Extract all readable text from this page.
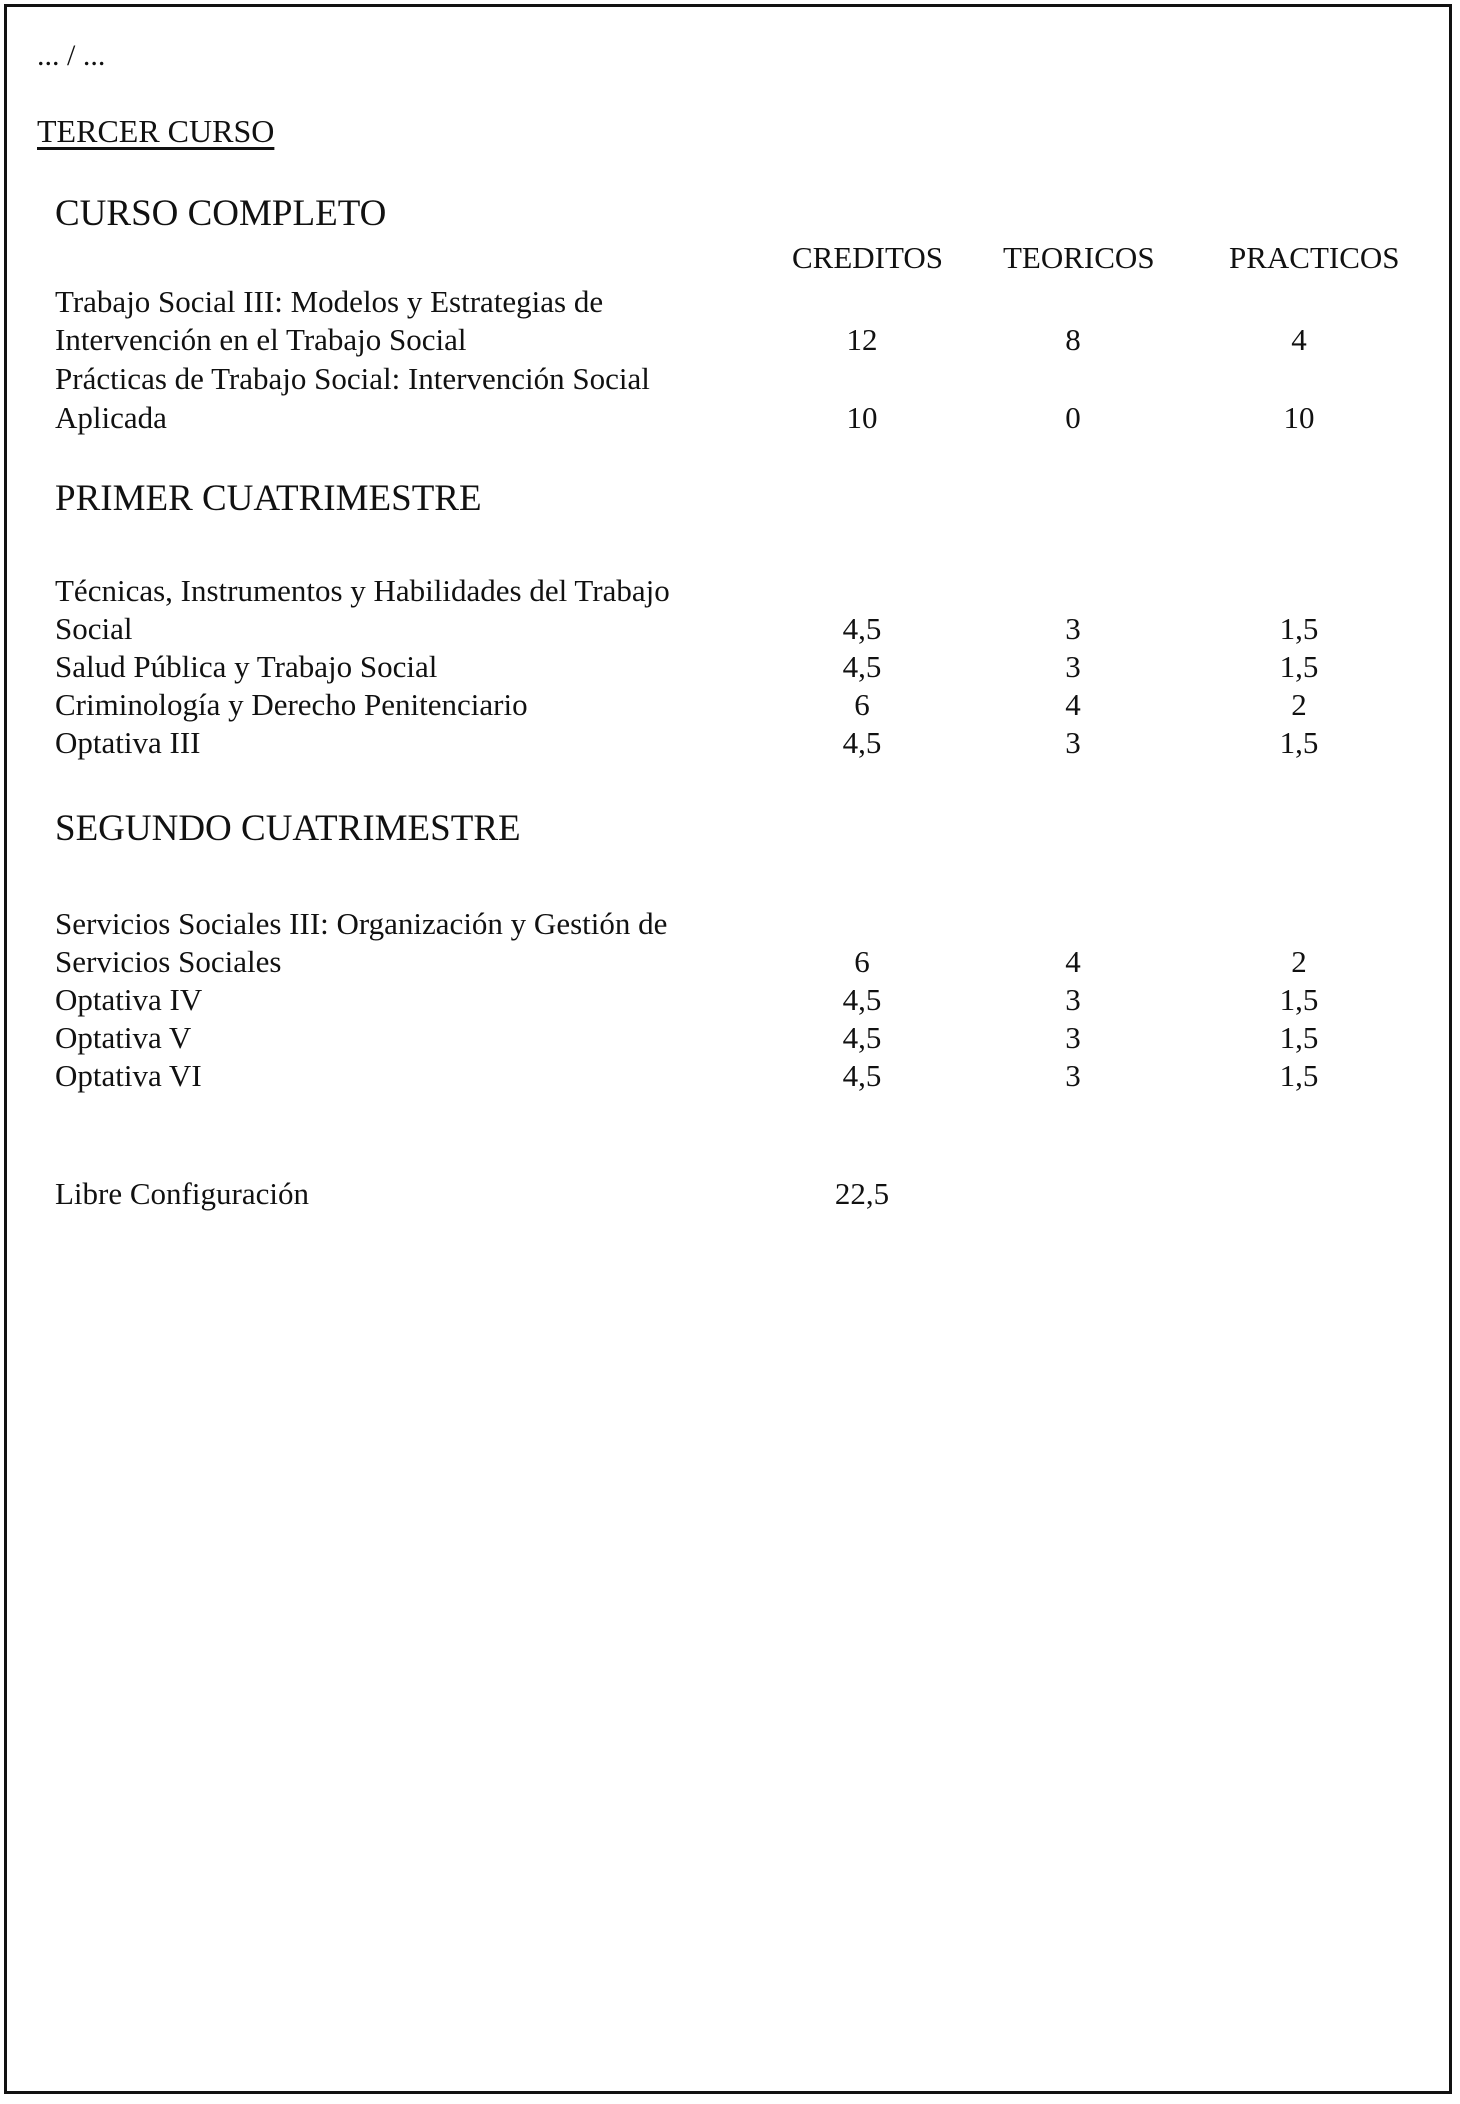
... / ...
TERCER CURSO
CURSO COMPLETO
CREDITOS TEORICOS PRACTICOS
Trabajo Social III: Modelos y Estrategias de
Intervención en el Trabajo Social	12	8	4
Prácticas de Trabajo Social: Intervención Social
Aplicada	10	0	10
PRIMER CUATRIMESTRE
Técnicas, Instrumentos y Habilidades del Trabajo
Social	4,5	3	1,5
Salud Pública y Trabajo Social	4,5	3	1,5
Criminología y Derecho Penitenciario	6	4	2
Optativa III	4,5	3	1,5
SEGUNDO CUATRIMESTRE
Servicios Sociales III: Organización y Gestión de
Servicios Sociales	6	4	2
Optativa IV	4,5	3	1,5
Optativa V	4,5	3	1,5
Optativa VI	4,5	3	1,5
Libre Configuración	22,5
